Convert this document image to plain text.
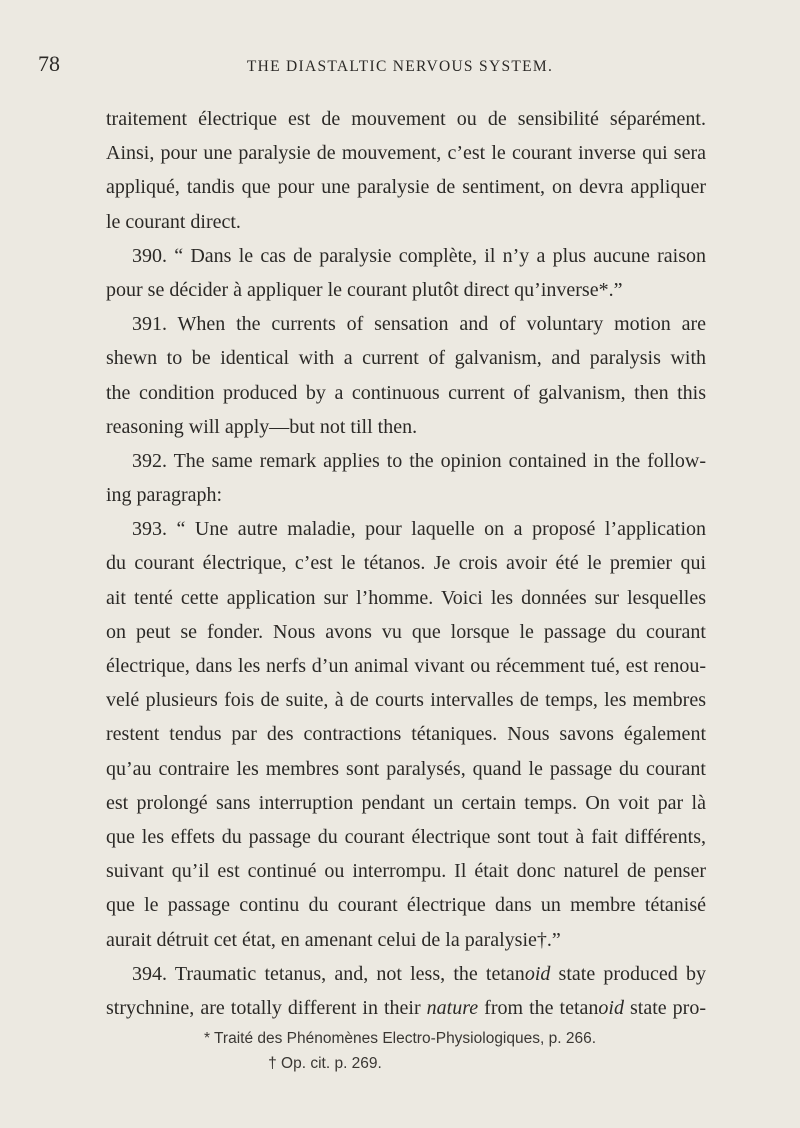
78	THE DIASTALTIC NERVOUS SYSTEM.
traitement électrique est de mouvement ou de sensibilité séparément.
Ainsi, pour une paralysie de mouvement, c’est le courant inverse qui sera
appliqué, tandis que pour une paralysie de sentiment, on devra appliquer
le courant direct.
390. “ Dans le cas de paralysie complète, il n’y a plus aucune raison
pour se décider à appliquer le courant plutôt direct qu’inverse*.”
391. When the currents of sensation and of voluntary motion are
shewn to be identical with a current of galvanism, and paralysis with
the condition produced by a continuous current of galvanism, then this
reasoning will apply—but not till then.
392. The same remark applies to the opinion contained in the follow-
ing paragraph:
393. “ Une autre maladie, pour laquelle on a proposé l’application
du courant électrique, c’est le tétanos. Je crois avoir été le premier qui
ait tenté cette application sur l’homme. Voici les données sur lesquelles
on peut se fonder. Nous avons vu que lorsque le passage du courant
électrique, dans les nerfs d’un animal vivant ou récemment tué, est renou-
velé plusieurs fois de suite, à de courts intervalles de temps, les membres
restent tendus par des contractions tétaniques. Nous savons également
qu’au contraire les membres sont paralysés, quand le passage du courant
est prolongé sans interruption pendant un certain temps. On voit par là
que les effets du passage du courant électrique sont tout à fait différents,
suivant qu’il est continué ou interrompu. Il était donc naturel de penser
que le passage continu du courant électrique dans un membre tétanisé
aurait détruit cet état, en amenant celui de la paralysie†.”
394. Traumatic tetanus, and, not less, the tetanoid state produced by
strychnine, are totally different in their nature from the tetanoid state pro-
* Traité des Phénomènes Electro-Physiologiques, p. 266.
† Op. cit. p. 269.
